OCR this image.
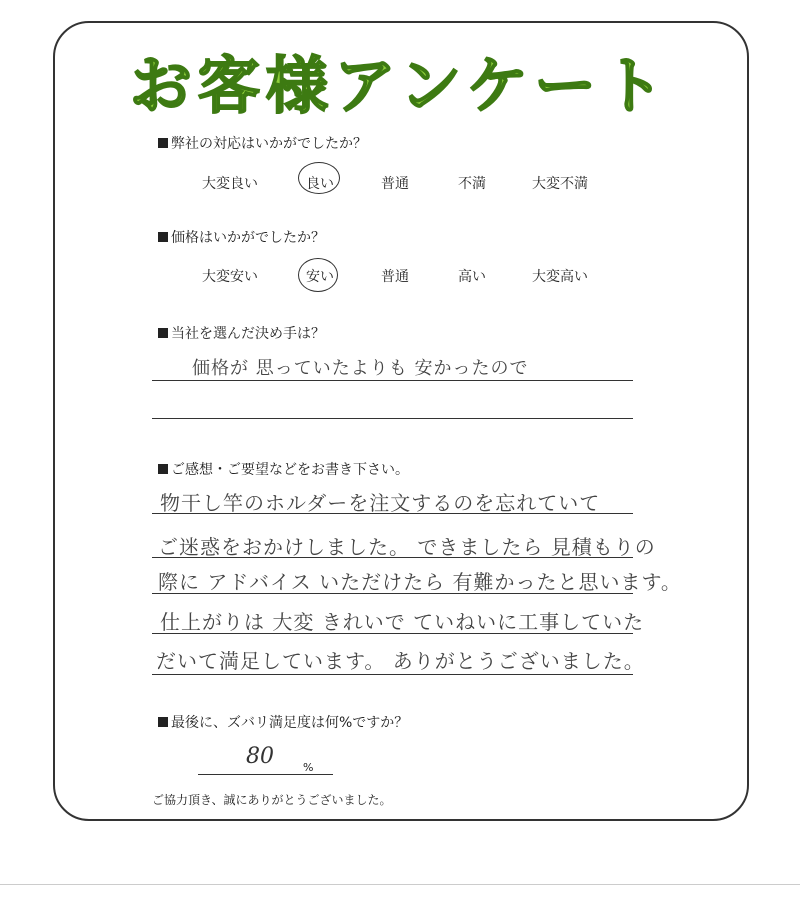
お客様アンケート
弊社の対応はいかがでしたか？
大変良い	良い	普通	不満	大変不満
価格はいかがでしたか？
大変安い	安い	普通	高い	大変高い
当社を選んだ決め手は？
価格が 思っていたよりも 安かったので
ご感想・ご要望などをお書き下さい。
物干し竿のホルダーを注文するのを忘れていて
ご迷惑をおかけしました。 できましたら 見積もりの
際に アドバイス いただけたら 有難かったと思います。
仕上がりは 大変 きれいで ていねいに工事していた
だいて満足しています。 ありがとうございました。
最後に、ズバリ満足度は何%ですか？
80	%
ご協力頂き、誠にありがとうございました。
